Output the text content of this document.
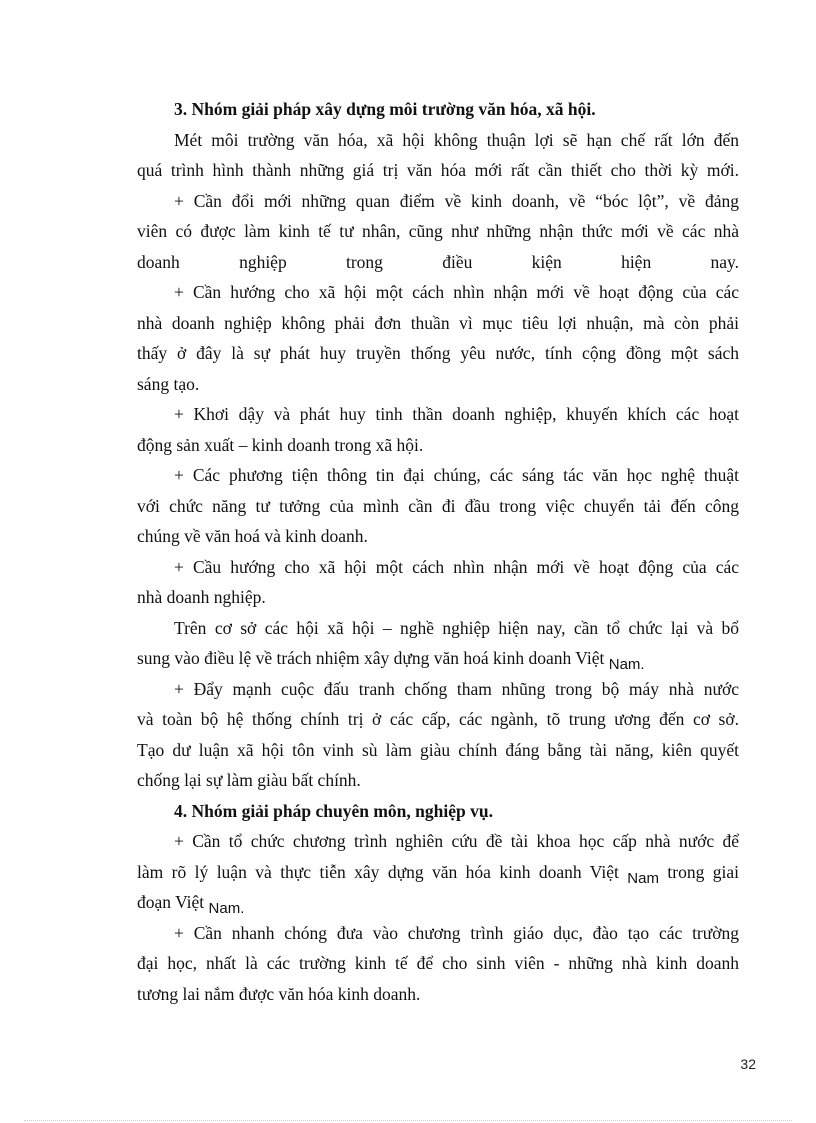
3. Nhóm giải pháp xây dựng môi trường văn hóa, xã hội.
Mét môi trường văn hóa, xã hội không thuận lợi sẽ hạn chế rất lớn đến
quá trình hình thành những giá trị văn hóa mới rất cần thiết cho thời kỳ mới.
+ Cần đổi mới những quan điểm về kinh doanh, về “bóc lột”, về đảng
viên có được làm kinh tế tư nhân, cũng như những nhận thức mới về các nhà
doanh	nghiệp	trong	điều	kiện	hiện	nay.
+ Cần hướng cho xã hội một cách nhìn nhận mới về hoạt động của các
nhà doanh nghiệp không phải đơn thuần vì mục tiêu lợi nhuận, mà còn phải
thấy ở đây là sự phát huy truyền thống yêu nước, tính cộng đồng một sách
sáng tạo.
+ Khơi dậy và phát huy tinh thần doanh nghiệp, khuyến khích các hoạt
động sản xuất – kinh doanh trong xã hội.
+ Các phương tiện thông tin đại chúng, các sáng tác văn học nghệ thuật
với chức năng tư tưởng của mình cần đi đầu trong việc chuyển tải đến công
chúng về văn hoá và kinh doanh.
+ Cầu hướng cho xã hội một cách nhìn nhận mới về hoạt động của các
nhà doanh nghiệp.
Trên cơ sở các hội xã hội – nghề nghiệp hiện nay, cần tổ chức lại và bổ
sung vào điều lệ về trách nhiệm xây dựng văn hoá kinh doanh Việt Nam.
+ Đẩy mạnh cuộc đấu tranh chống tham nhũng trong bộ máy nhà nước
và toàn bộ hệ thống chính trị ở các cấp, các ngành, tõ trung ương đến cơ sở.
Tạo dư luận xã hội tôn vinh sù làm giàu chính đáng bằng tài năng, kiên quyết
chống lại sự làm giàu bất chính.
4. Nhóm giải pháp chuyên môn, nghiệp vụ.
+ Cần tổ chức chương trình nghiên cứu đề tài khoa học cấp nhà nước để
làm rõ lý luận và thực tiễn xây dựng văn hóa kinh doanh Việt Nam trong giai
đoạn Việt Nam.
+ Cần nhanh chóng đưa vào chương trình giáo dục, đào tạo các trường
đại học, nhất là các trường kinh tế để cho sinh viên - những nhà kinh doanh
tương lai nắm được văn hóa kinh doanh.
32
